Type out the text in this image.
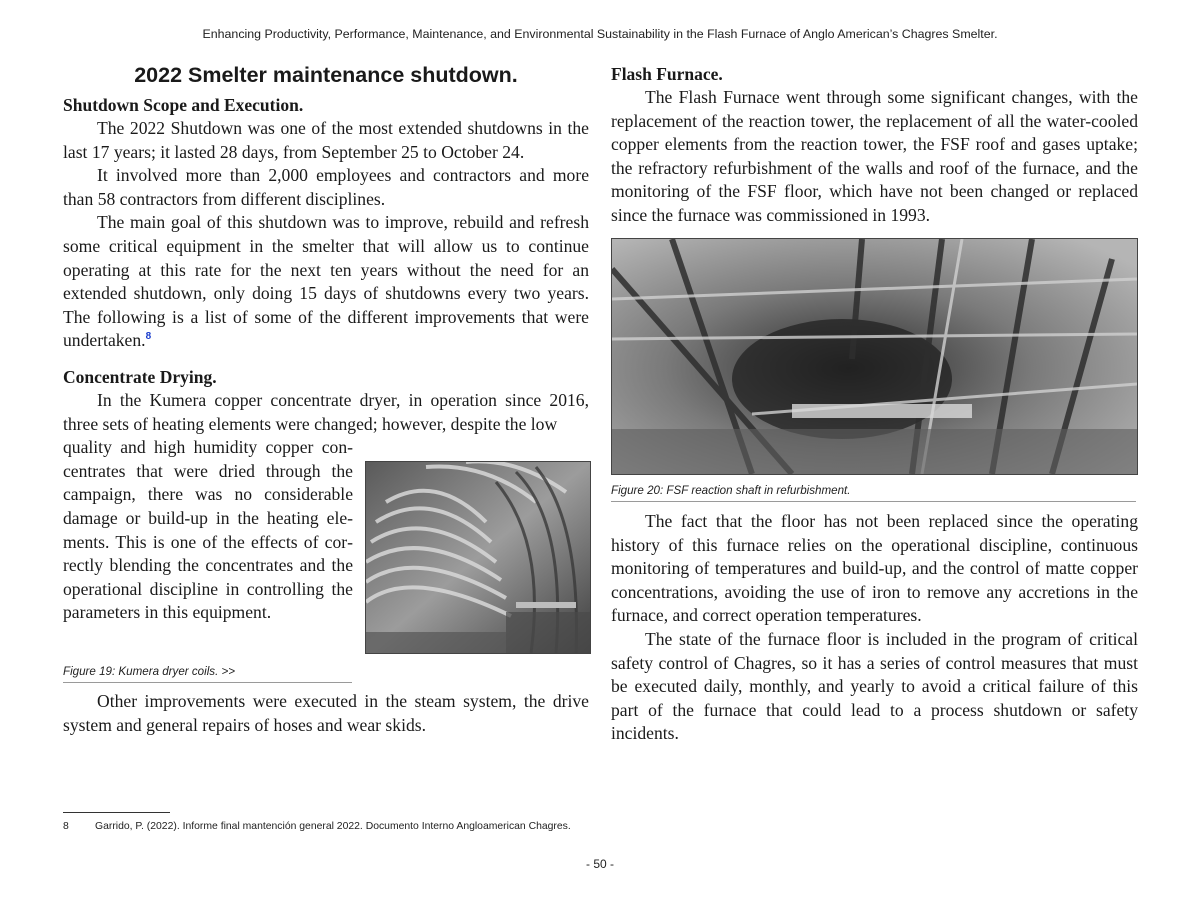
Enhancing Productivity, Performance, Maintenance, and Environmental Sustainability in the Flash Furnace of Anglo American’s Chagres Smelter.
2022 Smelter maintenance shutdown.
Shutdown Scope and Execution.

The 2022 Shutdown was one of the most extended shutdowns in the last 17 years; it lasted 28 days, from September 25 to October 24.

It involved more than 2,000 employees and contractors and more than 58 contractors from different disciplines.

The main goal of this shutdown was to improve, rebuild and refresh some critical equipment in the smelter that will allow us to continue operating at this rate for the next ten years without the need for an extended shutdown, only doing 15 days of shutdowns every two years. The following is a list of some of the different improvements that were undertaken.$^8$

Concentrate Drying.

In the Kumera copper concentrate dryer, in operation since 2016, three sets of heating elements were changed; however, despite the low

quality and high humidity copper concentrates that were dried through the campaign, there was no considerable damage or build-up in the heating elements. This is one of the effects of correctly blending the concentrates and the operational discipline in controlling the parameters in this equipment.

Figure 19: Kumera dryer coils. >>

Other improvements were executed in the steam system, the drive system and general repairs of hoses and wear skids.

Flash Furnace.

The Flash Furnace went through some significant changes, with the replacement of the reaction tower, the replacement of all the water-cooled copper elements from the reaction tower, the FSF roof and gases uptake; the refractory refurbishment of the walls and roof of the furnace, and the monitoring of the FSF floor, which have not been changed or replaced since the furnace was commissioned in 1993.

Figure 20: FSF reaction shaft in refurbishment.

The fact that the floor has not been replaced since the operating history of this furnace relies on the operational discipline, continuous monitoring of temperatures and build-up, and the control of matte copper concentrations, avoiding the use of iron to remove any accretions in the furnace, and correct operation temperatures.

The state of the furnace floor is included in the program of critical safety control of Chagres, so it has a series of control measures that must be executed daily, monthly, and yearly to avoid a critical failure of this part of the furnace that could lead to a process shutdown or safety incidents.

8	Garrido, P. (2022). Informe final mantención general 2022. Documento Interno Angloamerican Chagres.
- 50 -
